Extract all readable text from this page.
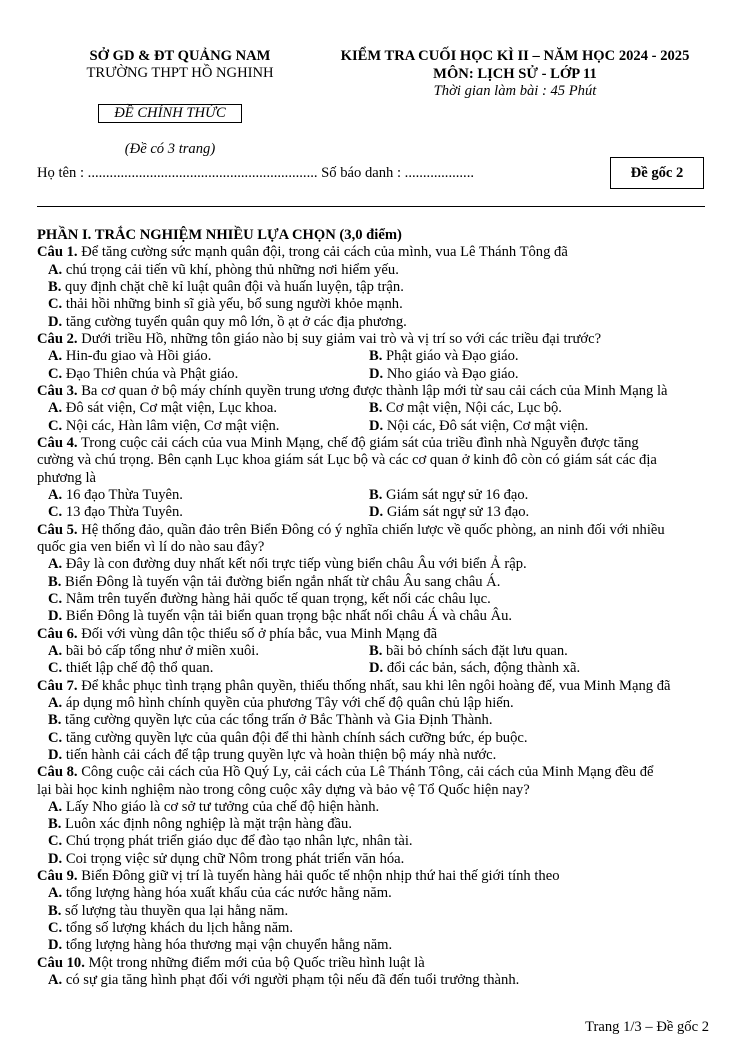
SỞ GD & ĐT QUẢNG NAM
TRƯỜNG THPT HỒ NGHINH
KIỂM TRA CUỐI HỌC KÌ II – NĂM HỌC 2024 - 2025
MÔN: LỊCH SỬ - LỚP 11
Thời gian làm bài : 45 Phút
ĐỀ CHÍNH THỨC
(Đề có 3 trang)
Họ tên : ............................................................... Số báo danh : ...................	Đề gốc 2
PHẦN I. TRẮC NGHIỆM NHIỀU LỰA CHỌN (3,0 điểm)
Câu 1. Để tăng cường sức mạnh quân đội, trong cải cách của mình, vua Lê Thánh Tông đã
A. chú trọng cải tiến vũ khí, phòng thủ những nơi hiểm yếu.
B. quy định chặt chẽ kỉ luật quân đội và huấn luyện, tập trận.
C. thải hồi những binh sĩ già yếu, bổ sung người khỏe mạnh.
D. tăng cường tuyển quân quy mô lớn, ồ ạt ở các địa phương.
Câu 2. Dưới triều Hồ, những tôn giáo nào bị suy giảm vai trò và vị trí so với các triều đại trước?
A. Hin-đu giao và Hồi giáo.	B. Phật giáo và Đạo giáo.
C. Đạo Thiên chúa và Phật giáo.	D. Nho giáo và Đạo giáo.
Câu 3. Ba cơ quan ở bộ máy chính quyền trung ương được thành lập mới từ sau cải cách của Minh Mạng là
A. Đô sát viện, Cơ mật viện, Lục khoa.	B. Cơ mật viện, Nội các, Lục bộ.
C. Nội các, Hàn lâm viện, Cơ mật viện.	D. Nội các, Đô sát viện, Cơ mật viện.
Câu 4. Trong cuộc cải cách của vua Minh Mạng, chế độ giám sát của triều đình nhà Nguyễn được tăng
cường và chú trọng. Bên cạnh Lục khoa giám sát Lục bộ và các cơ quan ở kinh đô còn có giám sát các địa
phương là
A. 16 đạo Thừa Tuyên.	B. Giám sát ngự sử 16 đạo.
C. 13 đạo Thừa Tuyên.	D. Giám sát ngự sử 13 đạo.
Câu 5. Hệ thống đảo, quần đảo trên Biển Đông có ý nghĩa chiến lược về quốc phòng, an ninh đối với nhiều
quốc gia ven biển vì lí do nào sau đây?
A. Đây là con đường duy nhất kết nối trực tiếp vùng biển châu Âu với biển Ả rập.
B. Biển Đông là tuyến vận tải đường biển ngắn nhất từ châu Âu sang châu Á.
C. Nằm trên tuyến đường hàng hải quốc tế quan trọng, kết nối các châu lục.
D. Biển Đông là tuyến vận tải biển quan trọng bậc nhất nối châu Á và châu Âu.
Câu 6. Đối với vùng dân tộc thiểu số ở phía bắc, vua Minh Mạng đã
A. bãi bỏ cấp tổng như ở miền xuôi.	B. bãi bỏ chính sách đặt lưu quan.
C. thiết lập chế độ thổ quan.	D. đổi các bản, sách, động thành xã.
Câu 7. Để khắc phục tình trạng phân quyền, thiếu thống nhất, sau khi lên ngôi hoàng đế, vua Minh Mạng đã
A. áp dụng mô hình chính quyền của phương Tây với chế độ quân chủ lập hiến.
B. tăng cường quyền lực của các tổng trấn ở Bắc Thành và Gia Định Thành.
C. tăng cường quyền lực của quân đội để thi hành chính sách cưỡng bức, ép buộc.
D. tiến hành cải cách để tập trung quyền lực và hoàn thiện bộ máy nhà nước.
Câu 8. Công cuộc cải cách của Hồ Quý Ly, cải cách của Lê Thánh Tông, cải cách của Minh Mạng đều để
lại bài học kinh nghiệm nào trong công cuộc xây dựng và bảo vệ Tổ Quốc hiện nay?
A. Lấy Nho giáo là cơ sở tư tưởng của chế độ hiện hành.
B. Luôn xác định nông nghiệp là mặt trận hàng đầu.
C. Chú trọng phát triển giáo dục để đào tạo nhân lực, nhân tài.
D. Coi trọng việc sử dụng chữ Nôm trong phát triển văn hóa.
Câu 9. Biển Đông giữ vị trí là tuyến hàng hải quốc tế nhộn nhịp thứ hai thế giới tính theo
A. tổng lượng hàng hóa xuất khẩu của các nước hằng năm.
B. số lượng tàu thuyền qua lại hằng năm.
C. tổng số lượng khách du lịch hằng năm.
D. tổng lượng hàng hóa thương mại vận chuyển hằng năm.
Câu 10. Một trong những điểm mới của bộ Quốc triều hình luật là
A. có sự gia tăng hình phạt đối với người phạm tội nếu đã đến tuổi trưởng thành.
Trang 1/3 – Đề gốc 2
